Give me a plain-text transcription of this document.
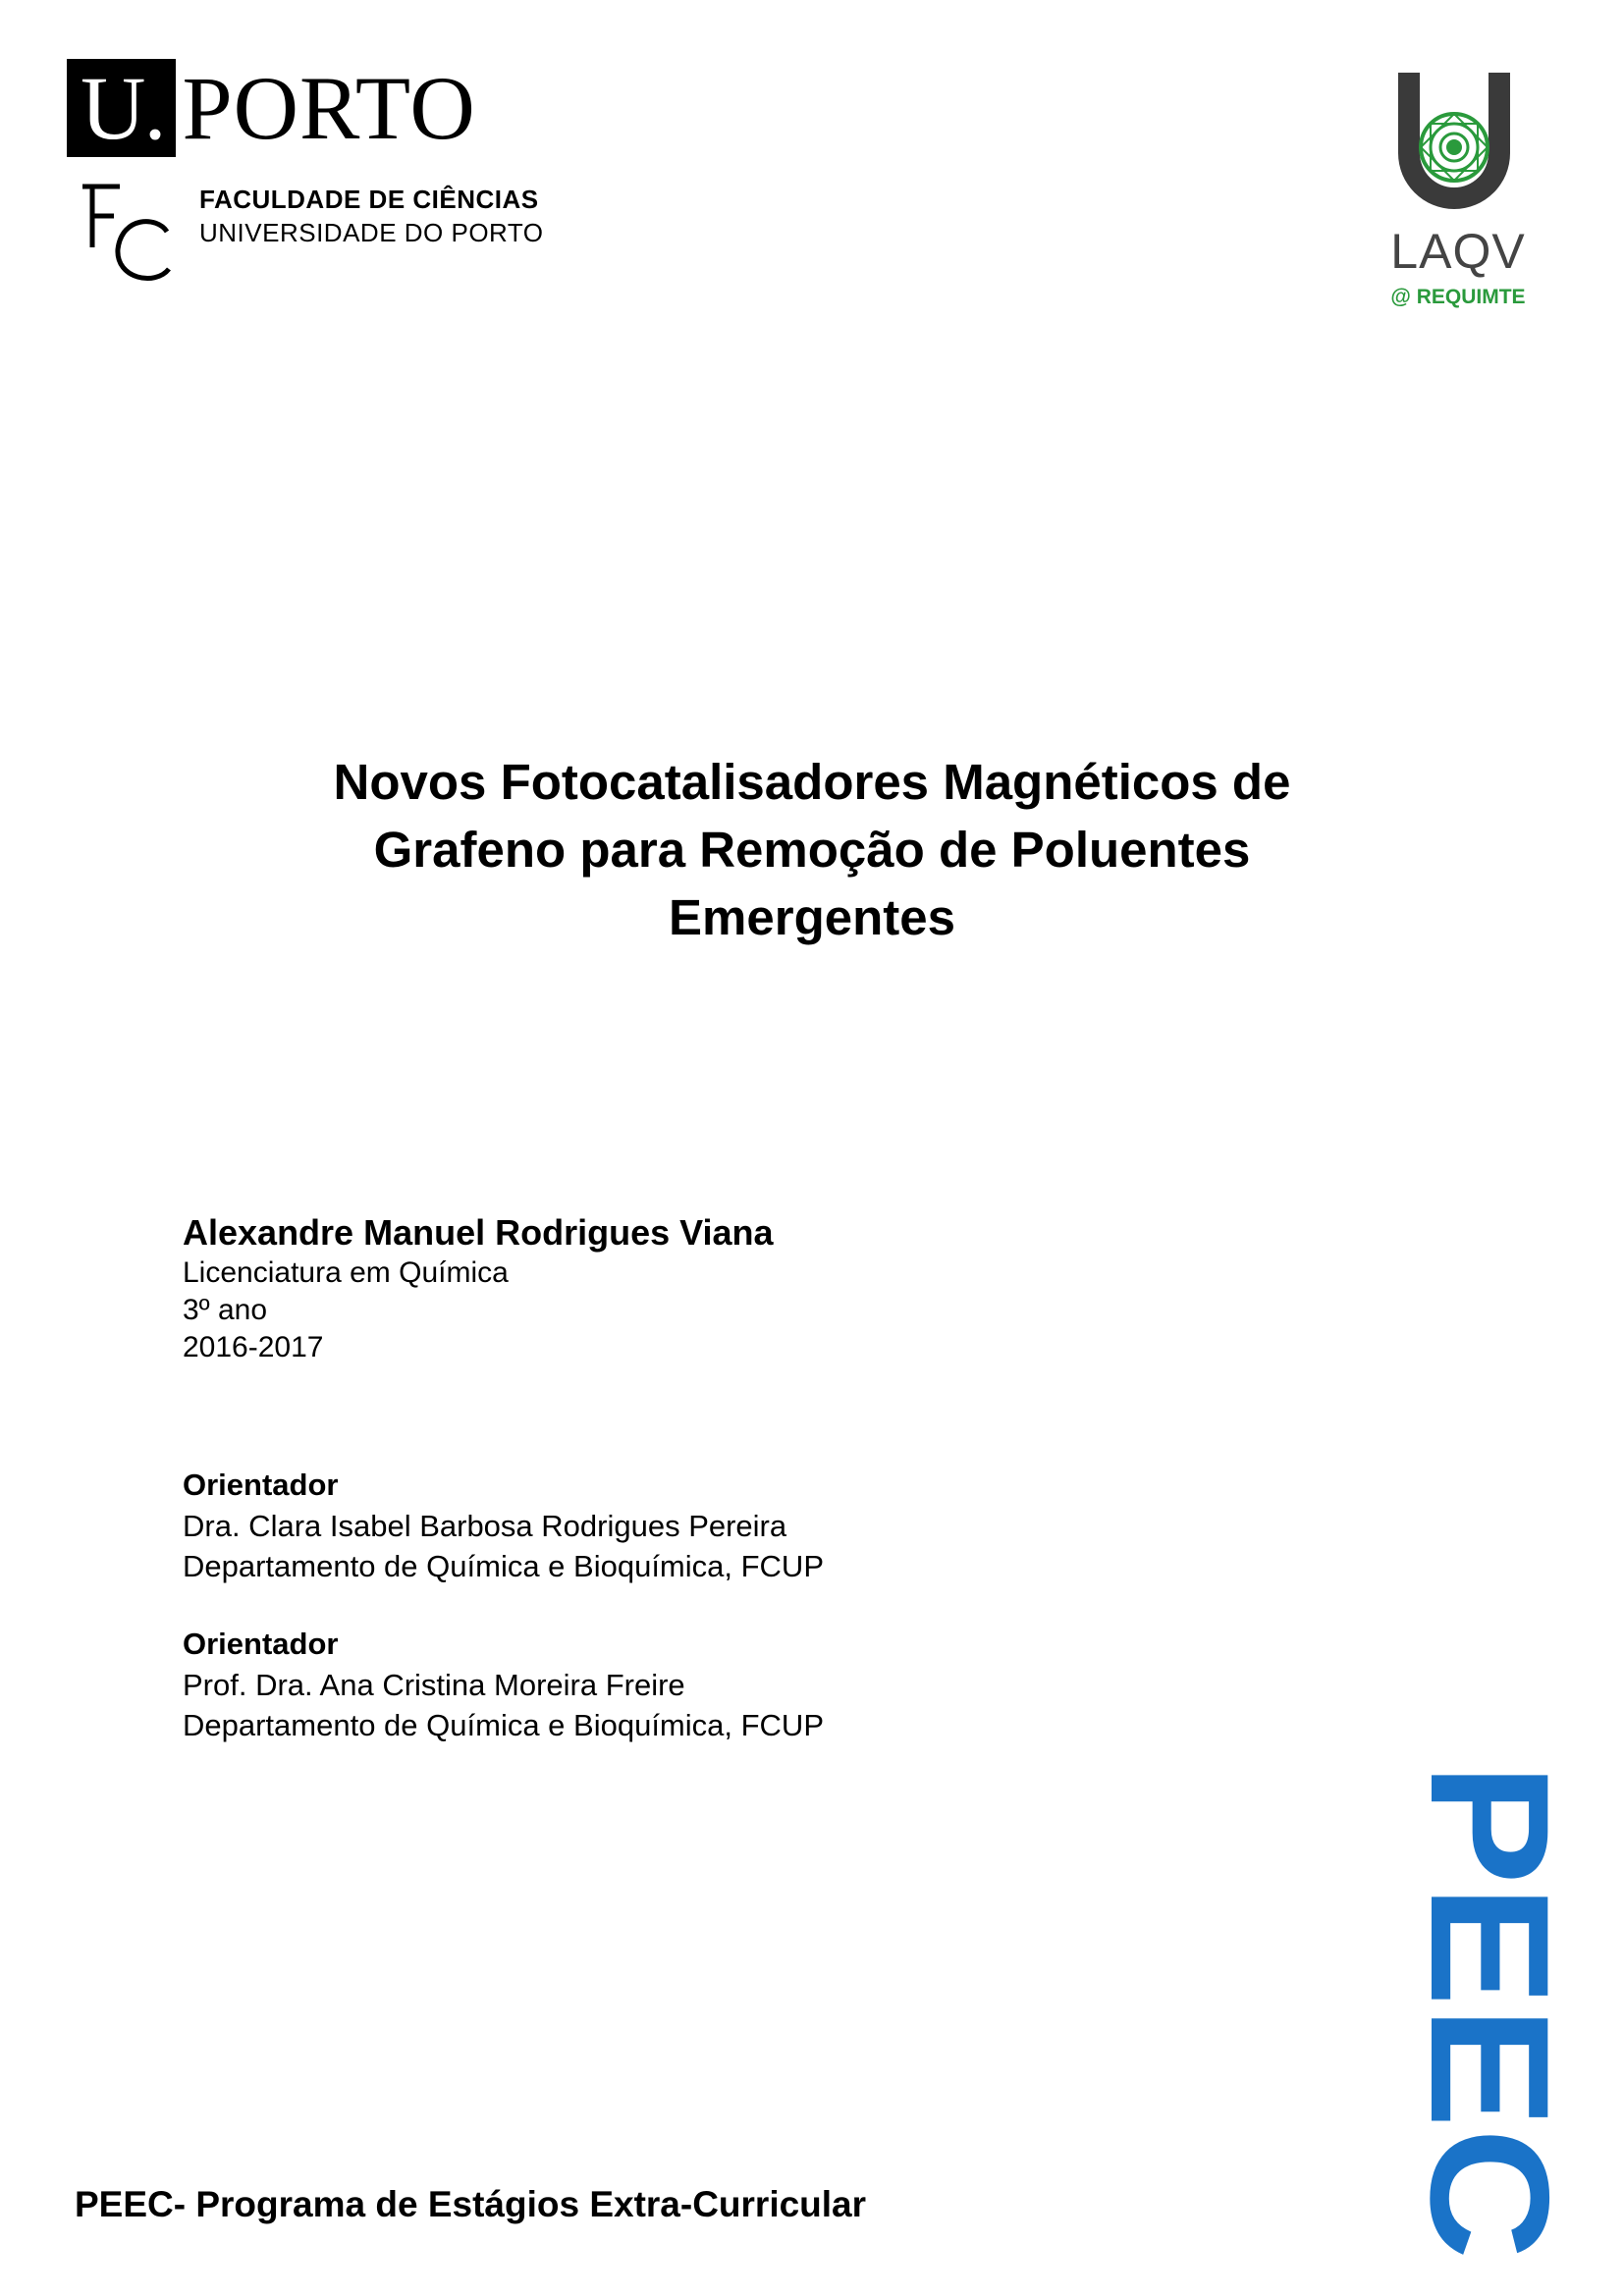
U. PORTO
FACULDADE DE CIÊNCIAS
UNIVERSIDADE DO PORTO	LAQV
@ REQUIMTE
Novos Fotocatalisadores Magnéticos de
Grafeno para Remoção de Poluentes
Emergentes
Alexandre Manuel Rodrigues Viana
Licenciatura em Química
3º ano
2016-2017
Orientador
Dra. Clara Isabel Barbosa Rodrigues Pereira
Departamento de Química e Bioquímica, FCUP
Orientador
Prof. Dra. Ana Cristina Moreira Freire
Departamento de Química e Bioquímica, FCUP
PEEC- Programa de Estágios Extra-Curricular	PEEC
